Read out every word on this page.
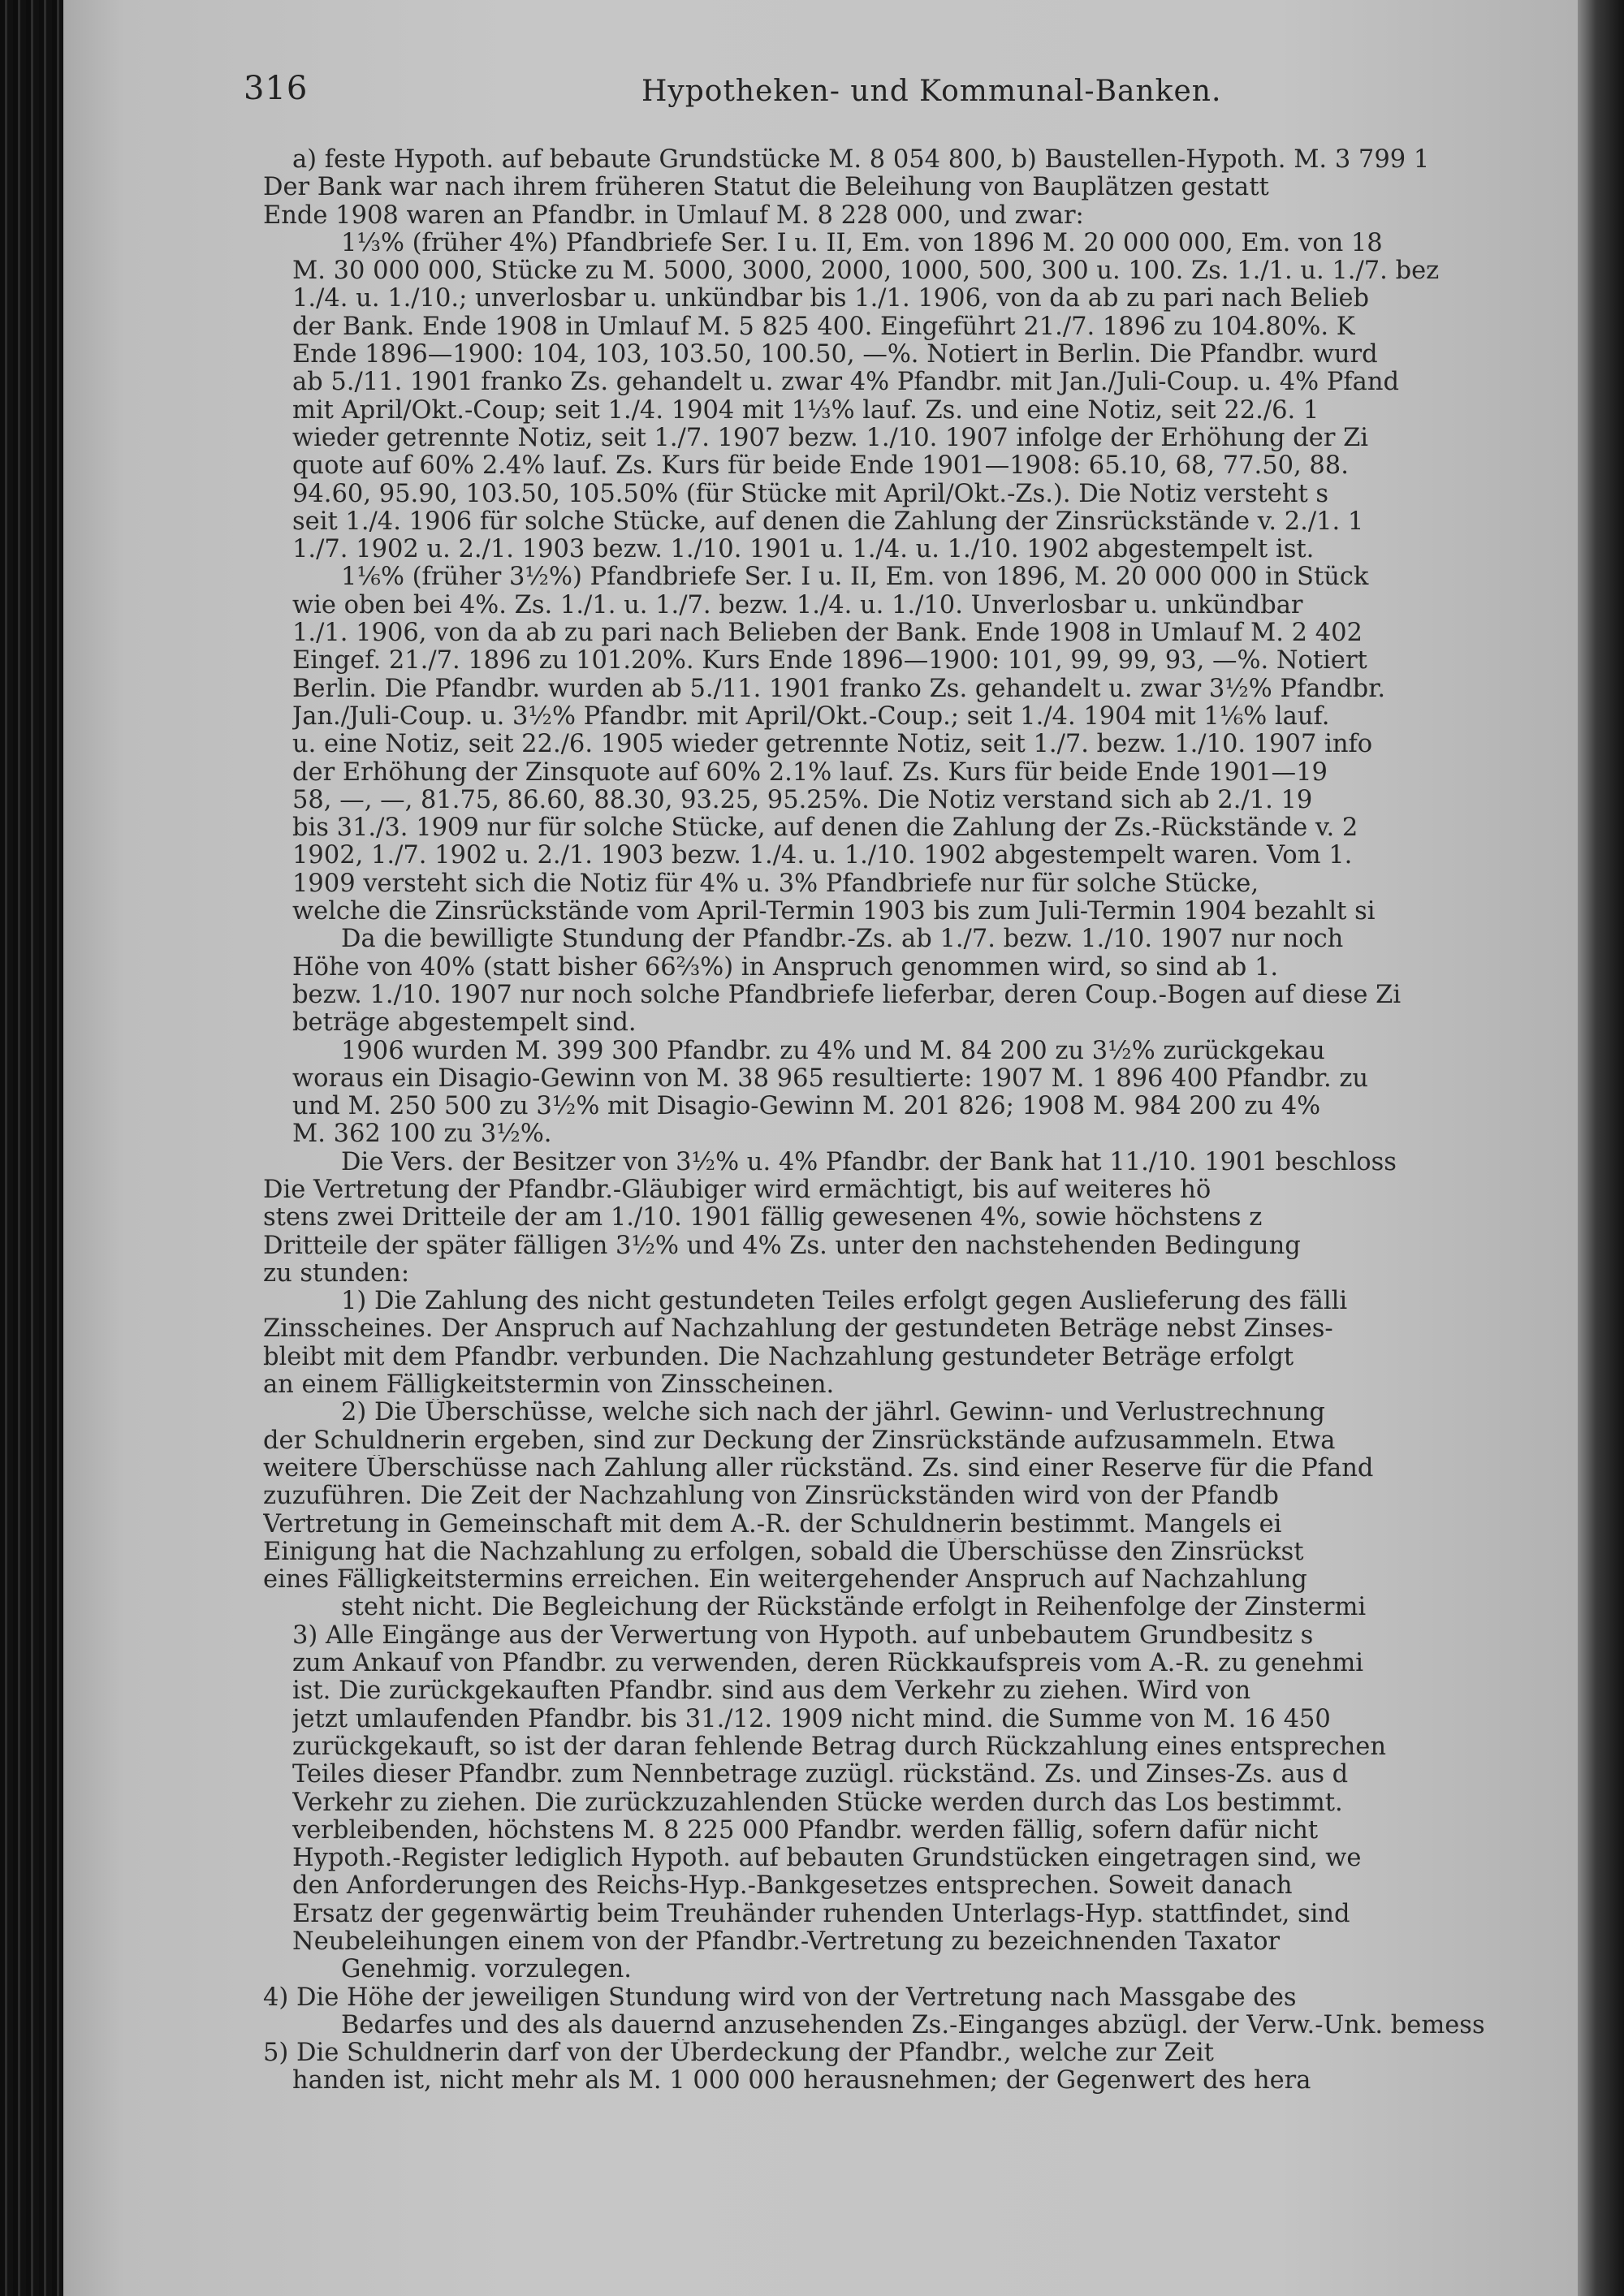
316	Hypotheken- und Kommunal-Banken.
a) feste Hypoth. auf bebaute Grundstücke M. 8 054 800, b) Baustellen-Hypoth. M. 3 799 1
Der Bank war nach ihrem früheren Statut die Beleihung von Bauplätzen gestatt
Ende 1908 waren an Pfandbr. in Umlauf M. 8 228 000, und zwar:
1⅓% (früher 4%) Pfandbriefe Ser. I u. II, Em. von 1896 M. 20 000 000, Em. von 18
M. 30 000 000, Stücke zu M. 5000, 3000, 2000, 1000, 500, 300 u. 100. Zs. 1./1. u. 1./7. bez
1./4. u. 1./10.; unverlosbar u. unkündbar bis 1./1. 1906, von da ab zu pari nach Belieb
der Bank. Ende 1908 in Umlauf M. 5 825 400. Eingeführt 21./7. 1896 zu 104.80%. K
Ende 1896—1900: 104, 103, 103.50, 100.50, —%. Notiert in Berlin. Die Pfandbr. wurd
ab 5./11. 1901 franko Zs. gehandelt u. zwar 4% Pfandbr. mit Jan./Juli-Coup. u. 4% Pfand
mit April/Okt.-Coup; seit 1./4. 1904 mit 1⅓% lauf. Zs. und eine Notiz, seit 22./6. 1
wieder getrennte Notiz, seit 1./7. 1907 bezw. 1./10. 1907 infolge der Erhöhung der Zi
quote auf 60% 2.4% lauf. Zs. Kurs für beide Ende 1901—1908: 65.10, 68, 77.50, 88.
94.60, 95.90, 103.50, 105.50% (für Stücke mit April/Okt.-Zs.). Die Notiz versteht s
seit 1./4. 1906 für solche Stücke, auf denen die Zahlung der Zinsrückstände v. 2./1. 1
1./7. 1902 u. 2./1. 1903 bezw. 1./10. 1901 u. 1./4. u. 1./10. 1902 abgestempelt ist.
1⅙% (früher 3½%) Pfandbriefe Ser. I u. II, Em. von 1896, M. 20 000 000 in Stück
wie oben bei 4%. Zs. 1./1. u. 1./7. bezw. 1./4. u. 1./10. Unverlosbar u. unkündbar
1./1. 1906, von da ab zu pari nach Belieben der Bank. Ende 1908 in Umlauf M. 2 402
Eingef. 21./7. 1896 zu 101.20%. Kurs Ende 1896—1900: 101, 99, 99, 93, —%. Notiert
Berlin. Die Pfandbr. wurden ab 5./11. 1901 franko Zs. gehandelt u. zwar 3½% Pfandbr.
Jan./Juli-Coup. u. 3½% Pfandbr. mit April/Okt.-Coup.; seit 1./4. 1904 mit 1⅙% lauf.
u. eine Notiz, seit 22./6. 1905 wieder getrennte Notiz, seit 1./7. bezw. 1./10. 1907 info
der Erhöhung der Zinsquote auf 60% 2.1% lauf. Zs. Kurs für beide Ende 1901—19
58, —, —, 81.75, 86.60, 88.30, 93.25, 95.25%. Die Notiz verstand sich ab 2./1. 19
bis 31./3. 1909 nur für solche Stücke, auf denen die Zahlung der Zs.-Rückstände v. 2
1902, 1./7. 1902 u. 2./1. 1903 bezw. 1./4. u. 1./10. 1902 abgestempelt waren. Vom 1.
1909 versteht sich die Notiz für 4% u. 3% Pfandbriefe nur für solche Stücke,
welche die Zinsrückstände vom April-Termin 1903 bis zum Juli-Termin 1904 bezahlt si
Da die bewilligte Stundung der Pfandbr.-Zs. ab 1./7. bezw. 1./10. 1907 nur noch
Höhe von 40% (statt bisher 66⅔%) in Anspruch genommen wird, so sind ab 1.
bezw. 1./10. 1907 nur noch solche Pfandbriefe lieferbar, deren Coup.-Bogen auf diese Zi
beträge abgestempelt sind.
1906 wurden M. 399 300 Pfandbr. zu 4% und M. 84 200 zu 3½% zurückgekau
woraus ein Disagio-Gewinn von M. 38 965 resultierte: 1907 M. 1 896 400 Pfandbr. zu
und M. 250 500 zu 3½% mit Disagio-Gewinn M. 201 826; 1908 M. 984 200 zu 4%
M. 362 100 zu 3½%.
Die Vers. der Besitzer von 3½% u. 4% Pfandbr. der Bank hat 11./10. 1901 beschloss
Die Vertretung der Pfandbr.-Gläubiger wird ermächtigt, bis auf weiteres hö
stens zwei Dritteile der am 1./10. 1901 fällig gewesenen 4%, sowie höchstens z
Dritteile der später fälligen 3½% und 4% Zs. unter den nachstehenden Bedingung
zu stunden:
1) Die Zahlung des nicht gestundeten Teiles erfolgt gegen Auslieferung des fälli
Zinsscheines. Der Anspruch auf Nachzahlung der gestundeten Beträge nebst Zinses-
bleibt mit dem Pfandbr. verbunden. Die Nachzahlung gestundeter Beträge erfolgt
an einem Fälligkeitstermin von Zinsscheinen.
2) Die Überschüsse, welche sich nach der jährl. Gewinn- und Verlustrechnung
der Schuldnerin ergeben, sind zur Deckung der Zinsrückstände aufzusammeln. Etwa
weitere Überschüsse nach Zahlung aller rückständ. Zs. sind einer Reserve für die Pfand
zuzuführen. Die Zeit der Nachzahlung von Zinsrückständen wird von der Pfandb
Vertretung in Gemeinschaft mit dem A.-R. der Schuldnerin bestimmt. Mangels ei
Einigung hat die Nachzahlung zu erfolgen, sobald die Überschüsse den Zinsrückst
eines Fälligkeitstermins erreichen. Ein weitergehender Anspruch auf Nachzahlung
steht nicht. Die Begleichung der Rückstände erfolgt in Reihenfolge der Zinstermi
3) Alle Eingänge aus der Verwertung von Hypoth. auf unbebautem Grundbesitz s
zum Ankauf von Pfandbr. zu verwenden, deren Rückkaufspreis vom A.-R. zu genehmi
ist. Die zurückgekauften Pfandbr. sind aus dem Verkehr zu ziehen. Wird von
jetzt umlaufenden Pfandbr. bis 31./12. 1909 nicht mind. die Summe von M. 16 450
zurückgekauft, so ist der daran fehlende Betrag durch Rückzahlung eines entsprechen
Teiles dieser Pfandbr. zum Nennbetrage zuzügl. rückständ. Zs. und Zinses-Zs. aus d
Verkehr zu ziehen. Die zurückzuzahlenden Stücke werden durch das Los bestimmt.
verbleibenden, höchstens M. 8 225 000 Pfandbr. werden fällig, sofern dafür nicht
Hypoth.-Register lediglich Hypoth. auf bebauten Grundstücken eingetragen sind, we
den Anforderungen des Reichs-Hyp.-Bankgesetzes entsprechen. Soweit danach
Ersatz der gegenwärtig beim Treuhänder ruhenden Unterlags-Hyp. stattfindet, sind
Neubeleihungen einem von der Pfandbr.-Vertretung zu bezeichnenden Taxator
Genehmig. vorzulegen.
4) Die Höhe der jeweiligen Stundung wird von der Vertretung nach Massgabe des
Bedarfes und des als dauernd anzusehenden Zs.-Einganges abzügl. der Verw.-Unk. bemess
5) Die Schuldnerin darf von der Überdeckung der Pfandbr., welche zur Zeit
handen ist, nicht mehr als M. 1 000 000 herausnehmen; der Gegenwert des hera
